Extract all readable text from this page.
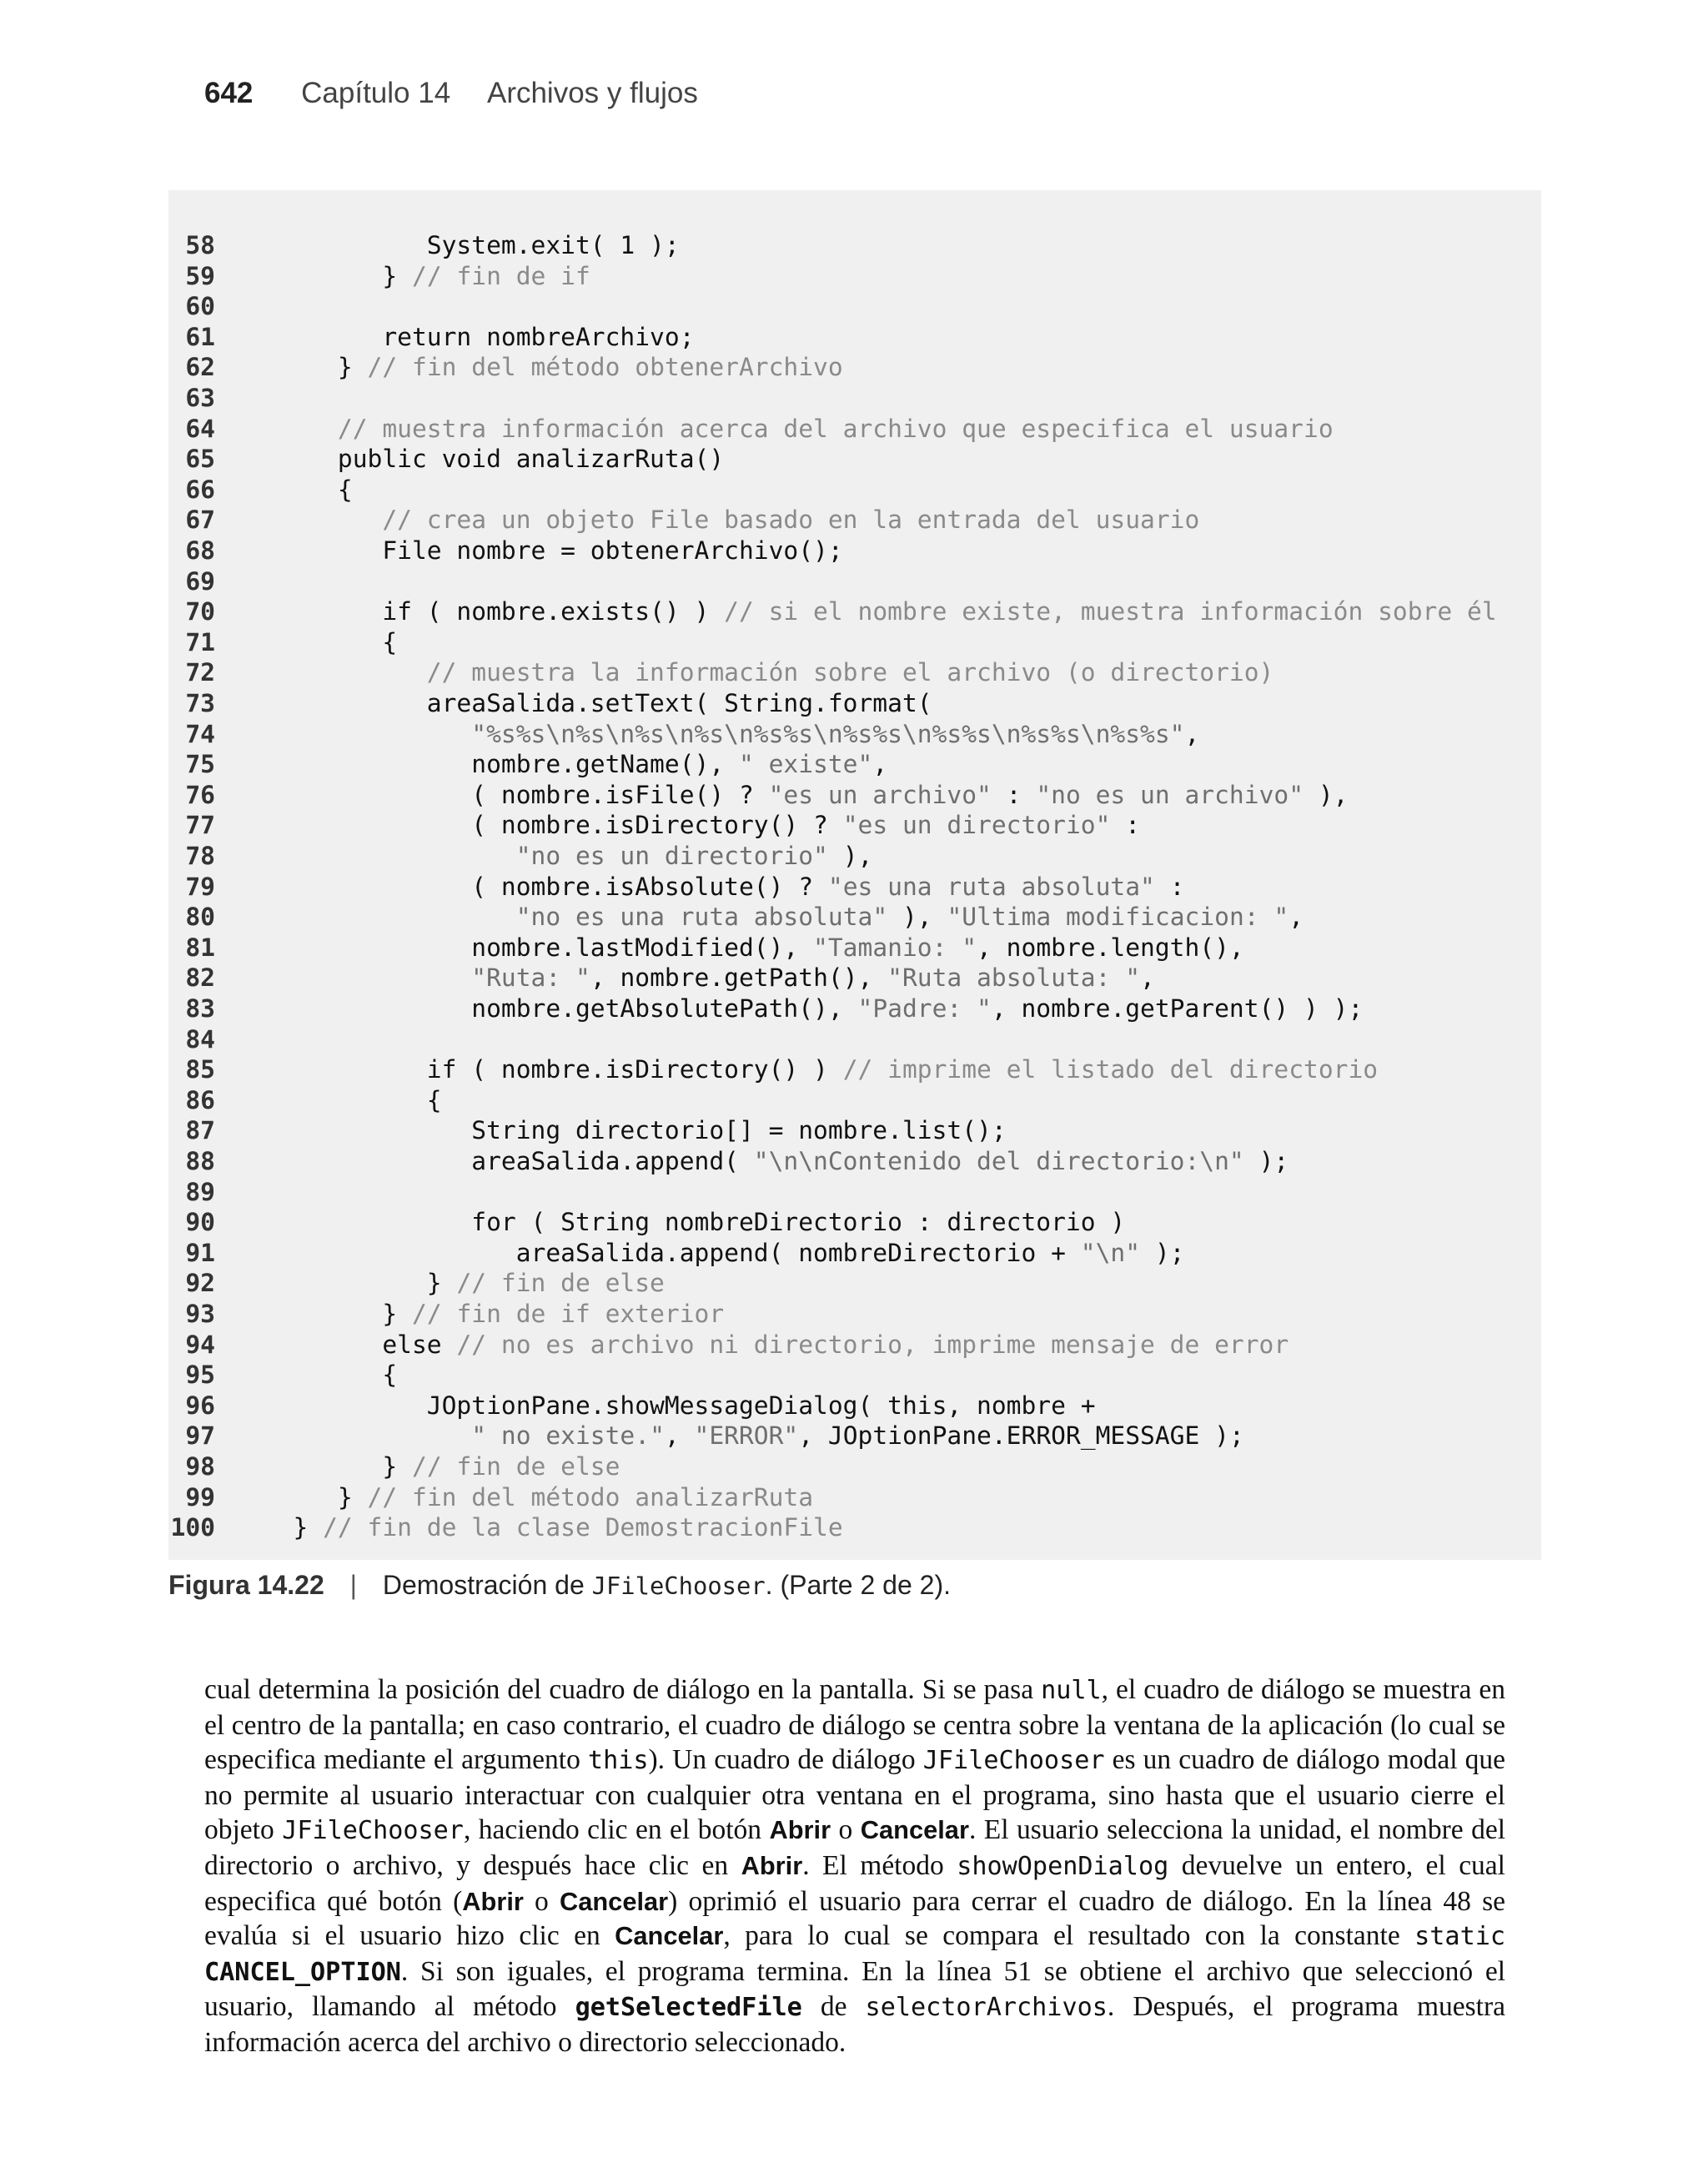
642 Capítulo 14 Archivos y flujos
58 System.exit( 1 );
59 } // fin de if
60
61 return nombreArchivo;
62 } // fin del método obtenerArchivo
63
64 // muestra información acerca del archivo que especifica el usuario
65 public void analizarRuta()
66 {
67 // crea un objeto File basado en la entrada del usuario
68 File nombre = obtenerArchivo();
69
70 if ( nombre.exists() ) // si el nombre existe, muestra información sobre él
71 {
72 // muestra la información sobre el archivo (o directorio)
73 areaSalida.setText( String.format(
74	"%s%s\n%s\n%s\n%s\n%s%s\n%s%s\n%s%s\n%s%s\n%s%s",
75 nombre.getName(), " existe",
76 ( nombre.isFile() ? "es un archivo" : "no es un archivo" ),
77 ( nombre.isDirectory() ? "es un directorio" :
78	"no es un directorio" ),
79 ( nombre.isAbsolute() ? "es una ruta absoluta" :
80	"no es una ruta absoluta" ), "Ultima modificacion: ",
81 nombre.lastModified(), "Tamanio: ", nombre.length(),
82	"Ruta: ", nombre.getPath(), "Ruta absoluta: ",
83 nombre.getAbsolutePath(), "Padre: ", nombre.getParent() ) );
84
85 if ( nombre.isDirectory() ) // imprime el listado del directorio
86 {
87 String directorio[] = nombre.list();
88 areaSalida.append( "\n\nContenido del directorio:\n" );
89
90 for ( String nombreDirectorio : directorio )
91 areaSalida.append( nombreDirectorio + "\n" );
92 } // fin de else
93 } // fin de if exterior
94 else // no es archivo ni directorio, imprime mensaje de error
95 {
96 JOptionPane.showMessageDialog( this, nombre +
97	" no existe.", "ERROR", JOptionPane.ERROR_MESSAGE );
98 } // fin de else
99 } // fin del método analizarRuta
100 } // fin de la clase DemostracionFile
Figura 14.22 | Demostración de JFileChooser. (Parte 2 de 2).
cual determina la posición del cuadro de diálogo en la pantalla. Si se pasa null, el cuadro de diálogo se muestra en el centro de la pantalla; en caso contrario, el cuadro de diálogo se centra sobre la ventana de la aplicación (lo cual se especifica mediante el argumento this). Un cuadro de diálogo JFileChooser es un cuadro de diálogo modal que no permite al usuario interactuar con cualquier otra ventana en el programa, sino hasta que el usuario cierre el objeto JFileChooser, haciendo clic en el botón Abrir o Cancelar. El usuario selecciona la unidad, el nombre del directorio o archivo, y después hace clic en Abrir. El método showOpenDialog devuelve un entero, el cual especifica qué botón (Abrir o Cancelar) oprimió el usuario para cerrar el cuadro de diálogo. En la línea 48 se evalúa si el usuario hizo clic en Cancelar, para lo cual se compara el resultado con la constante static CANCEL_OPTION. Si son iguales, el programa termina. En la línea 51 se obtiene el archivo que seleccionó el usuario, llamando al método getSelectedFile de selectorArchivos. Después, el programa muestra información acerca del archivo o directorio seleccionado.
